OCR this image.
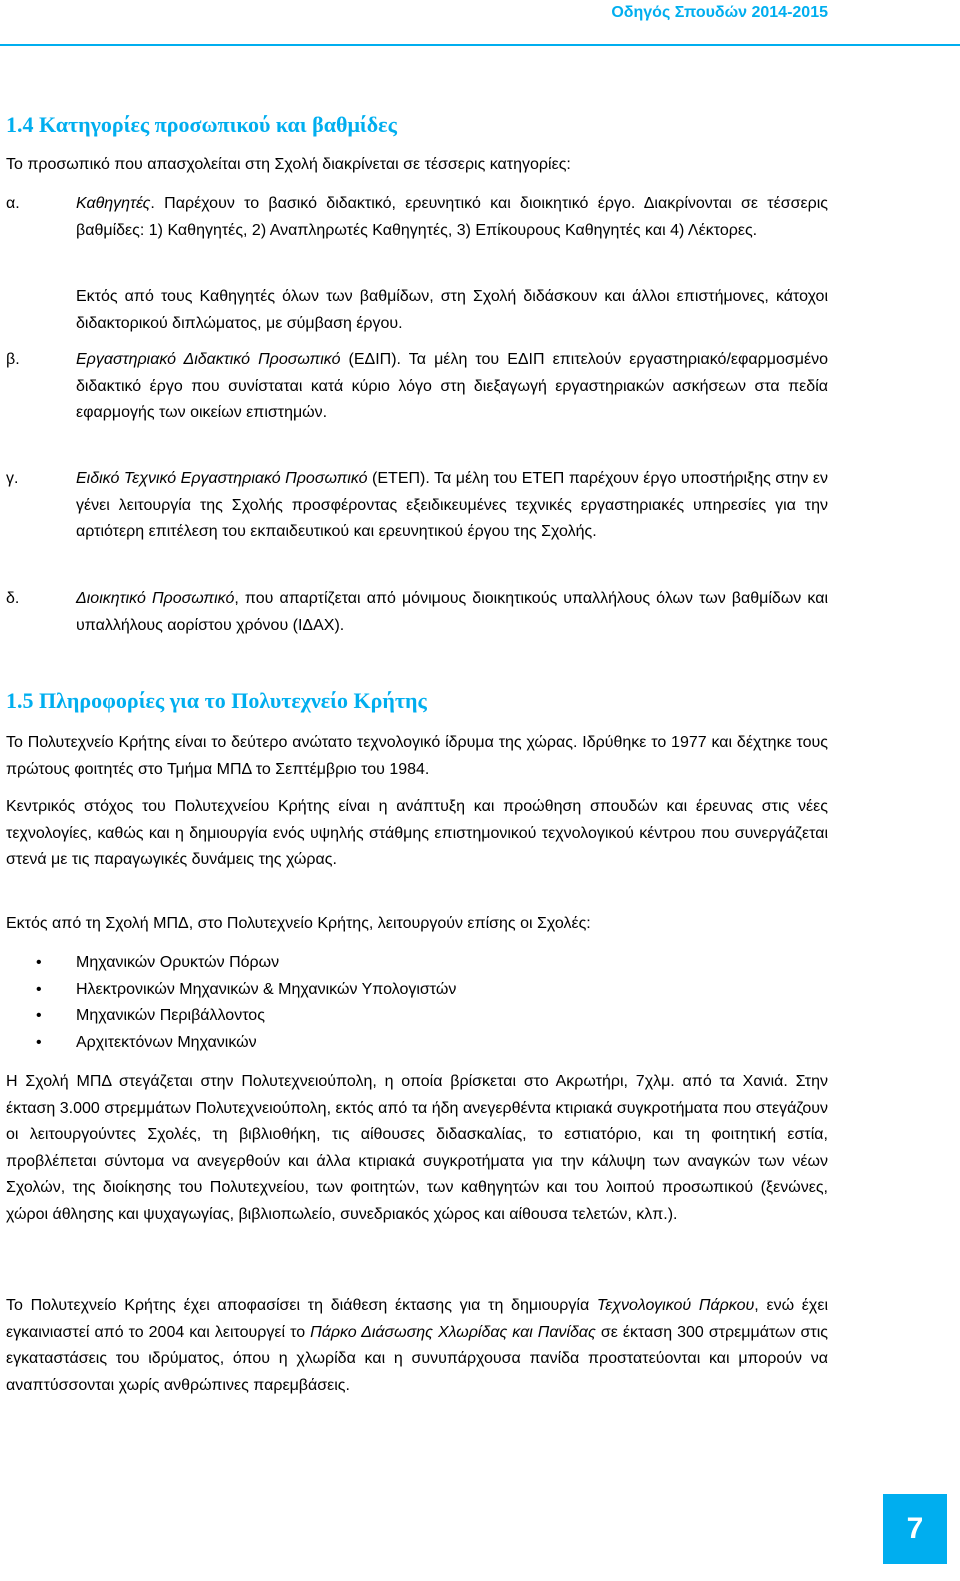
Οδηγός Σπουδών 2014-2015
1.4 Κατηγορίες προσωπικού και βαθμίδες
Το προσωπικό που απασχολείται στη Σχολή διακρίνεται σε τέσσερις κατηγορίες:
α.	Καθηγητές. Παρέχουν το βασικό διδακτικό, ερευνητικό και διοικητικό έργο. Διακρίνονται σε τέσσερις βαθμίδες: 1) Καθηγητές, 2) Αναπληρωτές Καθηγητές, 3) Επίκουρους Καθηγητές και 4) Λέκτορες.
Εκτός από τους Καθηγητές όλων των βαθμίδων, στη Σχολή διδάσκουν και άλλοι επιστήμονες, κάτοχοι διδακτορικού διπλώματος, με σύμβαση έργου.
β.	Εργαστηριακό Διδακτικό Προσωπικό (ΕΔΙΠ). Τα μέλη του ΕΔΙΠ επιτελούν εργαστηριακό/εφαρμοσμένο διδακτικό έργο που συνίσταται κατά κύριο λόγο στη διεξαγωγή εργαστηριακών ασκήσεων στα πεδία εφαρμογής των οικείων επιστημών.
γ.	Ειδικό Τεχνικό Εργαστηριακό Προσωπικό (ΕΤΕΠ). Τα μέλη του ΕΤΕΠ παρέχουν έργο υποστήριξης στην εν γένει λειτουργία της Σχολής προσφέροντας εξειδικευμένες τεχνικές εργαστηριακές υπηρεσίες για την αρτιότερη επιτέλεση του εκπαιδευτικού και ερευνητικού έργου της Σχολής.
δ.	Διοικητικό Προσωπικό, που απαρτίζεται από μόνιμους διοικητικούς υπαλλήλους όλων των βαθμίδων και υπαλλήλους αορίστου χρόνου (ΙΔΑΧ).
1.5 Πληροφορίες για το Πολυτεχνείο Κρήτης
Το Πολυτεχνείο Κρήτης είναι το δεύτερο ανώτατο τεχνολογικό ίδρυμα της χώρας. Ιδρύθηκε το 1977 και δέχτηκε τους πρώτους φοιτητές στο Τμήμα ΜΠΔ το Σεπτέμβριο του 1984.
Κεντρικός στόχος του Πολυτεχνείου Κρήτης είναι η ανάπτυξη και προώθηση σπουδών και έρευνας στις νέες τεχνολογίες, καθώς και η δημιουργία ενός υψηλής στάθμης επιστημονικού τεχνολογικού κέντρου που συνεργάζεται στενά με τις παραγωγικές δυνάμεις της χώρας.
Εκτός από τη Σχολή ΜΠΔ, στο Πολυτεχνείο Κρήτης, λειτουργούν επίσης οι Σχολές:
• Μηχανικών Ορυκτών Πόρων
• Ηλεκτρονικών Μηχανικών & Μηχανικών Υπολογιστών
• Μηχανικών Περιβάλλοντος
• Αρχιτεκτόνων Μηχανικών
Η Σχολή ΜΠΔ στεγάζεται στην Πολυτεχνειούπολη, η οποία βρίσκεται στο Ακρωτήρι, 7χλμ. από τα Χανιά. Στην έκταση 3.000 στρεμμάτων Πολυτεχνειούπολη, εκτός από τα ήδη ανεγερθέντα κτιριακά συγκροτήματα που στεγάζουν οι λειτουργούντες Σχολές, τη βιβλιοθήκη, τις αίθουσες διδασκαλίας, το εστιατόριο, και τη φοιτητική εστία, προβλέπεται σύντομα να ανεγερθούν και άλλα κτιριακά συγκροτήματα για την κάλυψη των αναγκών των νέων Σχολών, της διοίκησης του Πολυτεχνείου, των φοιτητών, των καθηγητών και του λοιπού προσωπικού (ξενώνες, χώροι άθλησης και ψυχαγωγίας, βιβλιοπωλείο, συνεδριακός χώρος και αίθουσα τελετών, κλπ.).
Το Πολυτεχνείο Κρήτης έχει αποφασίσει τη διάθεση έκτασης για τη δημιουργία Τεχνολογικού Πάρκου, ενώ έχει εγκαινιαστεί από το 2004 και λειτουργεί το Πάρκο Διάσωσης Χλωρίδας και Πανίδας σε έκταση 300 στρεμμάτων στις εγκαταστάσεις του ιδρύματος, όπου η χλωρίδα και η συνυπάρχουσα πανίδα προστατεύονται και μπορούν να αναπτύσσονται χωρίς ανθρώπινες παρεμβάσεις.
7
